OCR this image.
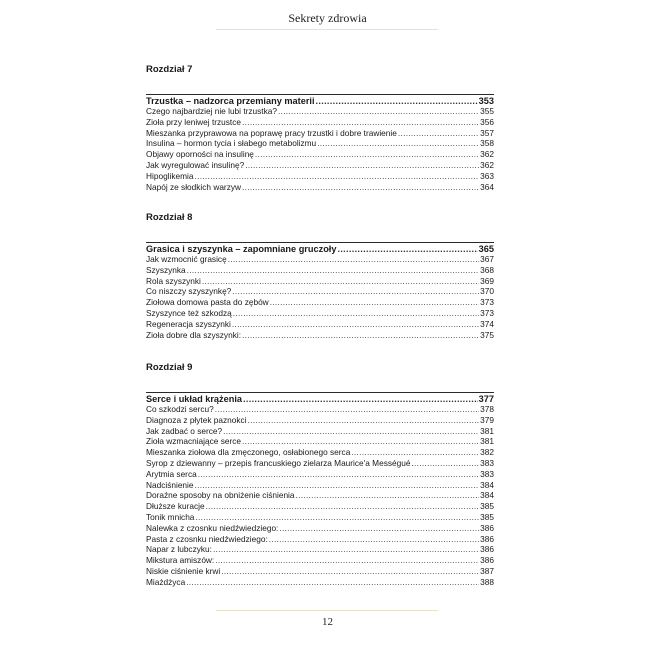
Sekrety zdrowia
Rozdział 7
Trzustka – nadzorca przemiany materii .....	353
Czego najbardziej nie lubi trzustka? .....	355
Zioła przy leniwej trzustce .....	356
Mieszanka przyprawowa na poprawę pracy trzustki i dobre trawienie .....	357
Insulina – hormon tycia i słabego metabolizmu .....	358
Objawy oporności na insulinę .....	362
Jak wyregulować insulinę? .....	362
Hipoglikemia .....	363
Napój ze słodkich warzyw .....	364
Rozdział 8
Grasica i szyszynka – zapomniane gruczoły .....	365
Jak wzmocnić grasicę .....	367
Szyszynka .....	368
Rola szyszynki .....	369
Co niszczy szyszynkę? .....	370
Ziołowa domowa pasta do zębów .....	373
Szyszynce też szkodzą .....	373
Regeneracja szyszynki .....	374
Zioła dobre dla szyszynki: .....	375
Rozdział 9
Serce i układ krążenia .....	377
Co szkodzi sercu? .....	378
Diagnoza z płytek paznokci .....	379
Jak zadbać o serce? .....	381
Zioła wzmacniające serce .....	381
Mieszanka ziołowa dla zmęczonego, osłabionego serca .....	382
Syrop z dziewanny – przepis francuskiego zielarza Maurice'a Mességué .....	383
Arytmia serca .....	383
Nadciśnienie .....	384
Doraźne sposoby na obniżenie ciśnienia .....	384
Dłuższe kuracje .....	385
Tonik mnicha .....	385
Nalewka z czosnku niedźwiedziego: .....	386
Pasta z czosnku niedźwiedziego: .....	386
Napar z lubczyku: .....	386
Mikstura amiszów: .....	386
Niskie ciśnienie krwi .....	387
Miażdżyca .....	388
12
